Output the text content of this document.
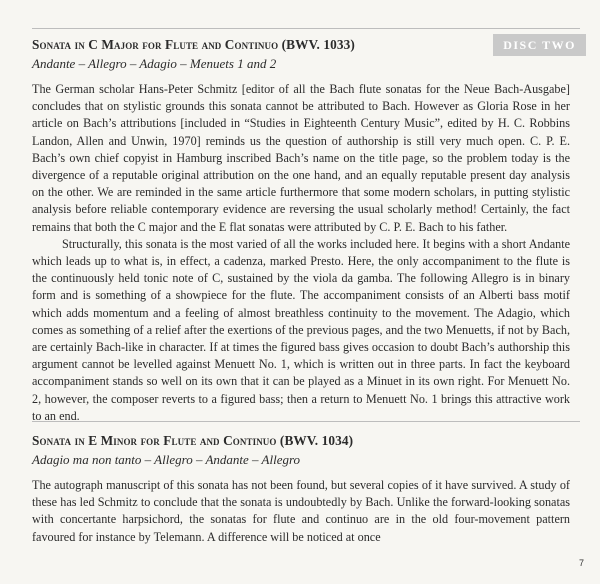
DISC TWO
Sonata in C Major for Flute and Continuo (BWV. 1033)

Andante – Allegro – Adagio – Menuets 1 and 2

The German scholar Hans-Peter Schmitz [editor of all the Bach flute sonatas for the Neue Bach-Ausgabe] concludes that on stylistic grounds this sonata cannot be attributed to Bach. However as Gloria Rose in her article on Bach’s attributions [included in “Studies in Eighteenth Century Music”, edited by H. C. Robbins Landon, Allen and Unwin, 1970] reminds us the question of authorship is still very much open. C. P. E. Bach’s own chief copyist in Hamburg inscribed Bach’s name on the title page, so the problem today is the divergence of a reputable original attribution on the one hand, and an equally reputable present day analysis on the other. We are reminded in the same article furthermore that some modern scholars, in putting stylistic analysis before reliable contemporary evidence are reversing the usual scholarly method! Certainly, the fact remains that both the C major and the E flat sonatas were attributed by C. P. E. Bach to his father.

Structurally, this sonata is the most varied of all the works included here. It begins with a short Andante which leads up to what is, in effect, a cadenza, marked Presto. Here, the only accompaniment to the flute is the continuously held tonic note of C, sustained by the viola da gamba. The following Allegro is in binary form and is something of a showpiece for the flute. The accompaniment consists of an Alberti bass motif which adds momentum and a feeling of almost breathless continuity to the movement. The Adagio, which comes as something of a relief after the exertions of the previous pages, and the two Menuetts, if not by Bach, are certainly Bach-like in character. If at times the figured bass gives occasion to doubt Bach’s authorship this argument cannot be levelled against Menuett No. 1, which is written out in three parts. In fact the keyboard accompaniment stands so well on its own that it can be played as a Minuet in its own right. For Menuett No. 2, however, the composer reverts to a figured bass; then a return to Menuett No. 1 brings this attractive work to an end.

Sonata in E Minor for Flute and Continuo (BWV. 1034)

Adagio ma non tanto – Allegro – Andante – Allegro

The autograph manuscript of this sonata has not been found, but several copies of it have survived. A study of these has led Schmitz to conclude that the sonata is undoubtedly by Bach. Unlike the forward-looking sonatas with concertante harpsichord, the sonatas for flute and continuo are in the old four-movement pattern favoured for instance by Telemann. A difference will be noticed at once

7
